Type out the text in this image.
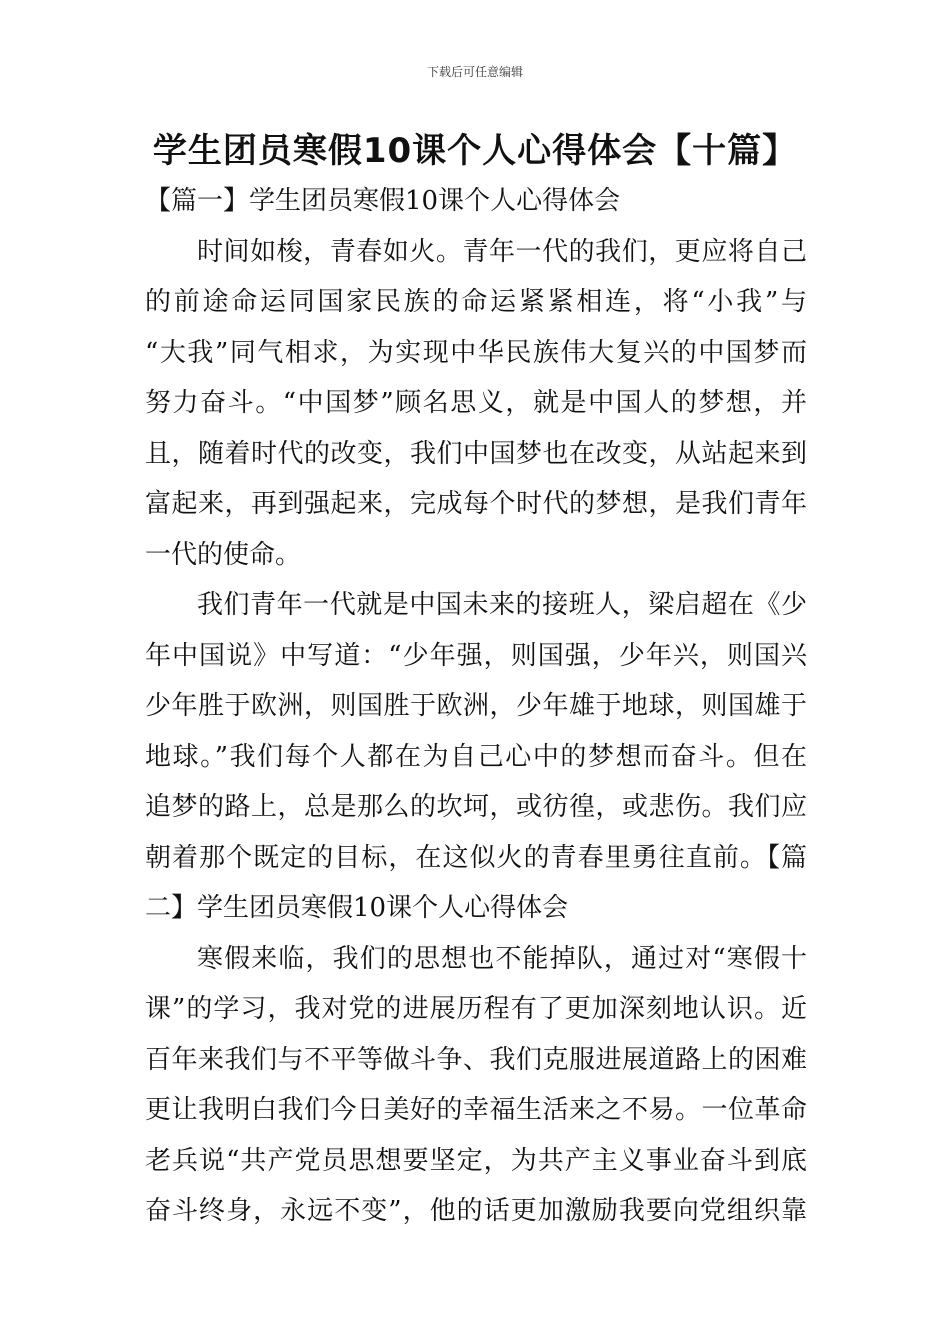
下载后可任意编辑
学生团员寒假10课个人心得体会【十篇】
【篇一】学生团员寒假10课个人心得体会
时间如梭，青春如火。青年一代的我们，更应将自己
的前途命运同国家民族的命运紧紧相连，将“小我”与
“大我”同气相求，为实现中华民族伟大复兴的中国梦而
努力奋斗。“中国梦”顾名思义，就是中国人的梦想，并
且，随着时代的改变，我们中国梦也在改变，从站起来到
富起来，再到强起来，完成每个时代的梦想，是我们青年
一代的使命。
我们青年一代就是中国未来的接班人，梁启超在《少
年中国说》中写道：“少年强，则国强，少年兴，则国兴
少年胜于欧洲，则国胜于欧洲，少年雄于地球，则国雄于
地球。”我们每个人都在为自己心中的梦想而奋斗。但在
追梦的路上，总是那么的坎坷，或彷徨，或悲伤。我们应
朝着那个既定的目标，在这似火的青春里勇往直前。【篇
二】学生团员寒假10课个人心得体会
寒假来临，我们的思想也不能掉队，通过对“寒假十
课”的学习，我对党的进展历程有了更加深刻地认识。近
百年来我们与不平等做斗争、我们克服进展道路上的困难
更让我明白我们今日美好的幸福生活来之不易。一位革命
老兵说“共产党员思想要坚定，为共产主义事业奋斗到底
奋斗终身，永远不变”，他的话更加激励我要向党组织靠
